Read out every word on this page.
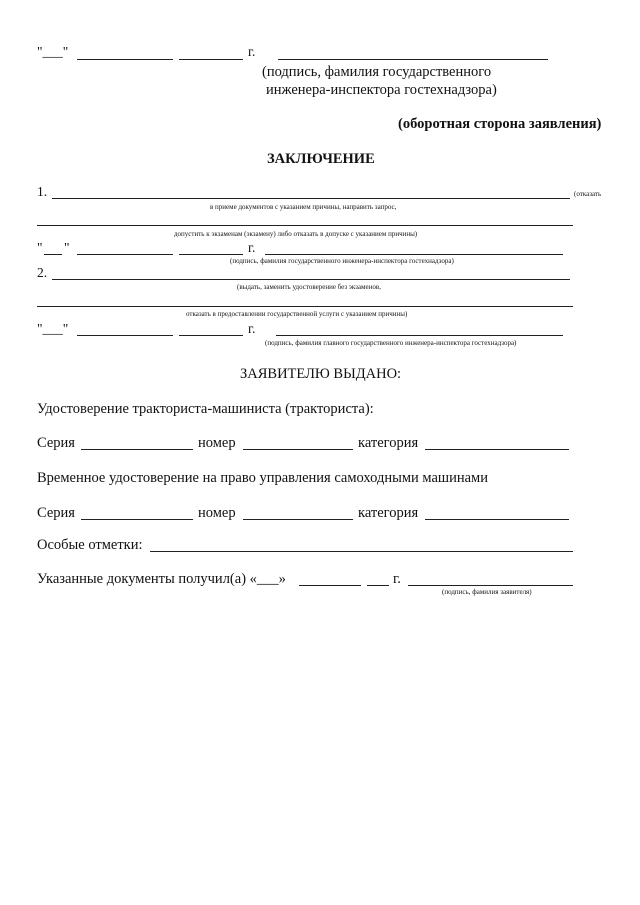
"___"	г.
(подпись, фамилия государственного
инженера-инспектора гостехнадзора)
(оборотная сторона заявления)
ЗАКЛЮЧЕНИЕ
1.	(отказать
в приеме документов с указанием причины, направить запрос,
допустить к экзаменам (экзамену) либо отказать в допуске с указанием причины)
" "	г.
(подпись, фамилия государственного инженера-инспектора гостехнадзора)
2.
(выдать, заменить удостоверение без экзаменов,
отказать в предоставлении государственной услуги с указанием причины)
"___"	г.
(подпись, фамилия главного государственного инженера-инспектора гостехнадзора)
ЗАЯВИТЕЛЮ ВЫДАНО:
Удостоверение тракториста-машиниста (тракториста):
Серия	номер	категория
Временное удостоверение на право управления самоходными машинами
Серия	номер	категория
Особые отметки:
Указанные документы получил(а) «___»	г.
(подпись, фамилия заявителя)
